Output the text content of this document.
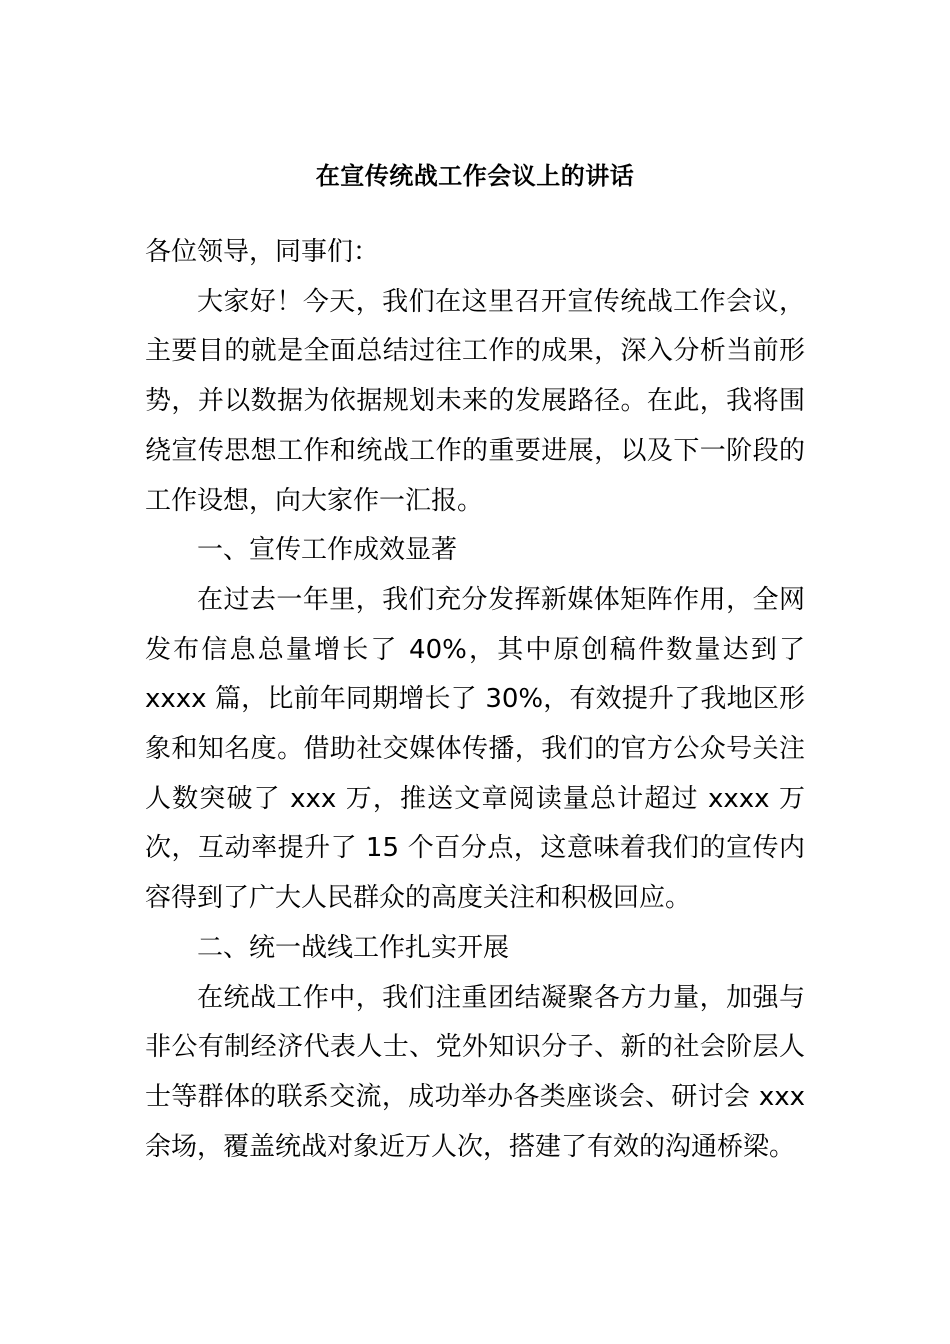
在宣传统战工作会议上的讲话

各位领导，同事们：

大家好！今天，我们在这里召开宣传统战工作会议，主要目的就是全面总结过往工作的成果，深入分析当前形势，并以数据为依据规划未来的发展路径。在此，我将围绕宣传思想工作和统战工作的重要进展，以及下一阶段的工作设想，向大家作一汇报。

一、宣传工作成效显著

在过去一年里，我们充分发挥新媒体矩阵作用，全网发布信息总量增长了 40%，其中原创稿件数量达到了 xxxx 篇，比前年同期增长了 30%，有效提升了我地区形象和知名度。借助社交媒体传播，我们的官方公众号关注人数突破了 xxx 万，推送文章阅读量总计超过 xxxx 万次，互动率提升了 15 个百分点，这意味着我们的宣传内容得到了广大人民群众的高度关注和积极回应。

二、统一战线工作扎实开展

在统战工作中，我们注重团结凝聚各方力量，加强与非公有制经济代表人士、党外知识分子、新的社会阶层人士等群体的联系交流，成功举办各类座谈会、研讨会 xxx 余场，覆盖统战对象近万人次，搭建了有效的沟通桥梁。
